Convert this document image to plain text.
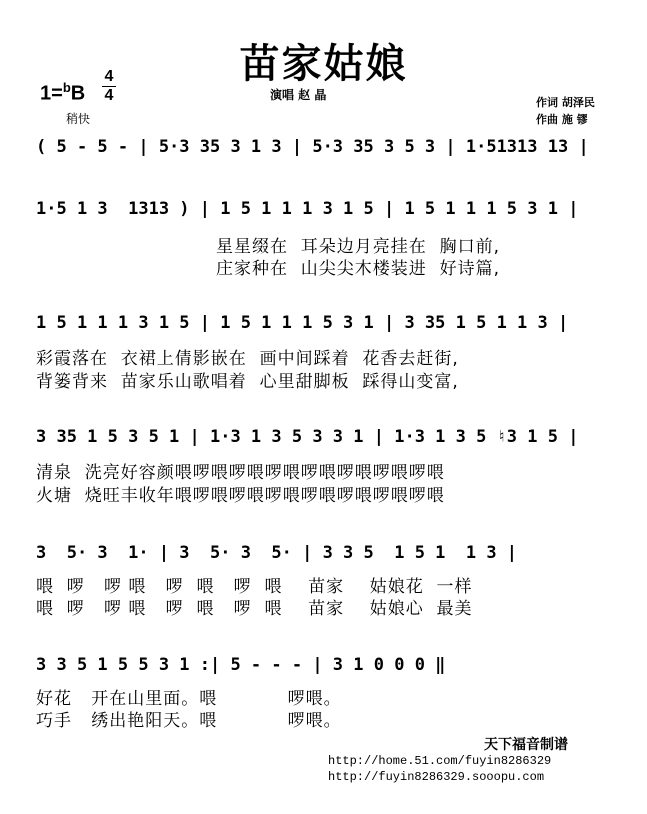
苗家姑娘
1=$^b$B
4
4	演唱 赵 晶
稍快
作词 胡泽民
作曲 施 镠
( 5 - 5 - | 5·3 35 3 1 3 | 5·3 35 3 5 3 | 1·51313 13 |
1·5 1 3  1313 ) | 1 5 1 1 1 3 1 5 | 1 5 1 1 1 5 3 1 |
星星缀在  耳朵边月亮挂在  胸口前,
庄家种在  山尖尖木楼装进  好诗篇,
1 5 1 1 1 3 1 5 | 1 5 1 1 1 5 3 1 | 3 35 1 5 1 1 3 |
彩霞落在  衣裙上倩影嵌在  画中间踩着  花香去赶街,
背篓背来  苗家乐山歌唱着  心里甜脚板  踩得山变富,
3 35 1 5 3 5 1 | 1·3 1 3 5 3 3 1 | 1·3 1 3 5 ♮3 1 5 |
清泉  洗亮好容颜喂啰喂啰喂啰喂啰喂啰喂啰喂啰喂
火塘  烧旺丰收年喂啰喂啰喂啰喂啰喂啰喂啰喂啰喂
3  5· 3  1· | 3  5· 3  5· | 3 3 5  1 5 1  1 3 |
喂  啰   啰 喂   啰  喂   啰  喂    苗家    姑娘花  一样
喂  啰   啰 喂   啰  喂   啰  喂    苗家    姑娘心  最美
3 3 5 1 5 5 3 1 :| 5 - - - | 3 1 0 0 0 ‖
好花   开在山里面。喂           啰喂。
巧手   绣出艳阳天。喂           啰喂。
天下福音制谱
http://home.51.com/fuyin8286329
http://fuyin8286329.sooopu.com
